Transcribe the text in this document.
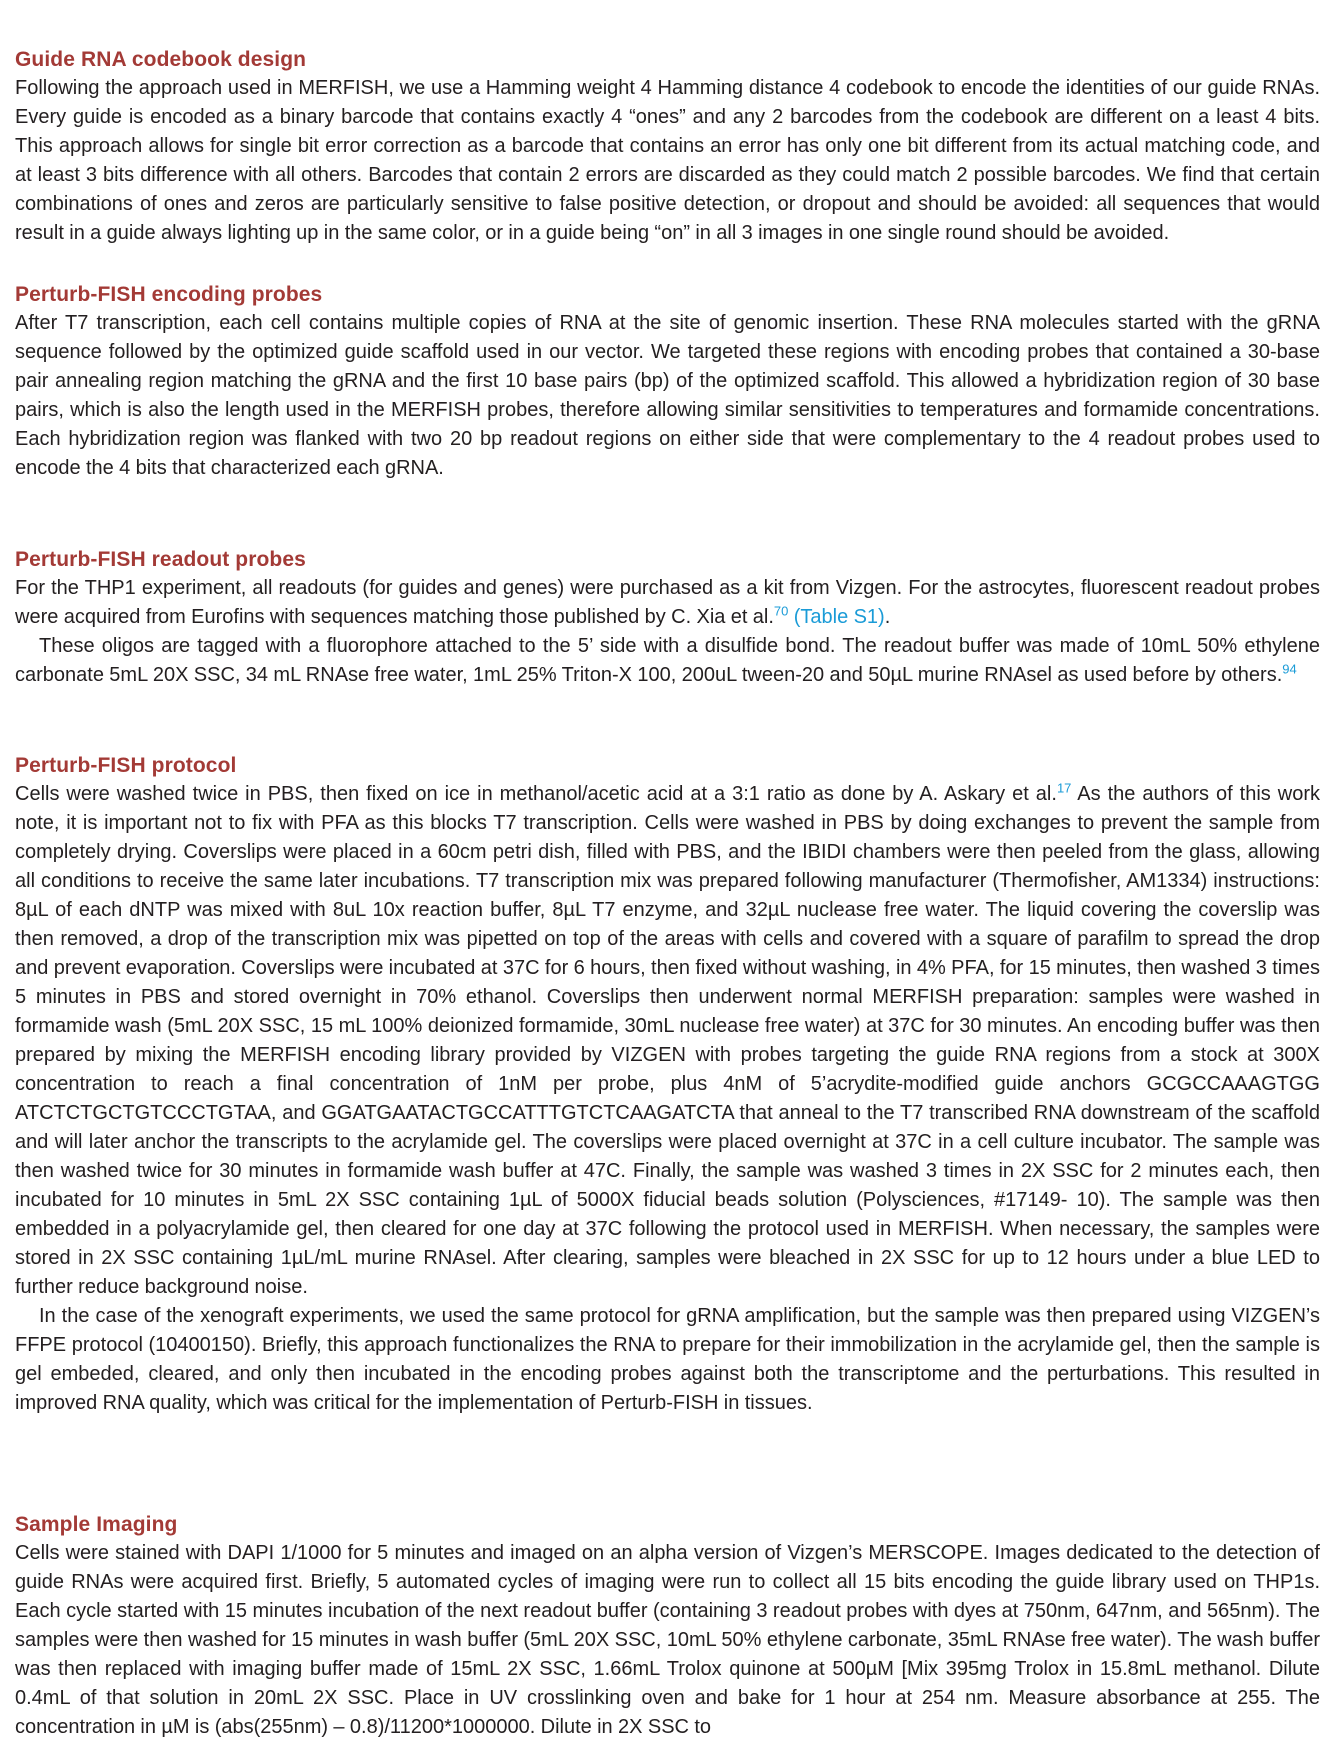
Guide RNA codebook design

Following the approach used in MERFISH, we use a Hamming weight 4 Hamming distance 4 codebook to encode the identities of our guide RNAs. Every guide is encoded as a binary barcode that contains exactly 4 “ones” and any 2 barcodes from the codebook are different on a least 4 bits. This approach allows for single bit error correction as a barcode that contains an error has only one bit different from its actual matching code, and at least 3 bits difference with all others. Barcodes that contain 2 errors are discarded as they could match 2 possible barcodes. We find that certain combinations of ones and zeros are particularly sensitive to false positive detection, or dropout and should be avoided: all sequences that would result in a guide always lighting up in the same color, or in a guide being “on” in all 3 images in one single round should be avoided.

Perturb-FISH encoding probes

After T7 transcription, each cell contains multiple copies of RNA at the site of genomic insertion. These RNA molecules started with the gRNA sequence followed by the optimized guide scaffold used in our vector. We targeted these regions with encoding probes that contained a 30-base pair annealing region matching the gRNA and the first 10 base pairs (bp) of the optimized scaffold. This allowed a hybridization region of 30 base pairs, which is also the length used in the MERFISH probes, therefore allowing similar sensitivities to temperatures and formamide concentrations. Each hybridization region was flanked with two 20 bp readout regions on either side that were complementary to the 4 readout probes used to encode the 4 bits that characterized each gRNA.

Perturb-FISH readout probes

For the THP1 experiment, all readouts (for guides and genes) were purchased as a kit from Vizgen. For the astrocytes, fluorescent readout probes were acquired from Eurofins with sequences matching those published by C. Xia et al.$^{70}$ (Table S1).

These oligos are tagged with a fluorophore attached to the 5’ side with a disulfide bond. The readout buffer was made of 10mL 50% ethylene carbonate 5mL 20X SSC, 34 mL RNAse free water, 1mL 25% Triton-X 100, 200uL tween-20 and 50µL murine RNAsel as used before by others.$^{94}$

Perturb-FISH protocol

Cells were washed twice in PBS, then fixed on ice in methanol/acetic acid at a 3:1 ratio as done by A. Askary et al.$^{17}$ As the authors of this work note, it is important not to fix with PFA as this blocks T7 transcription. Cells were washed in PBS by doing exchanges to prevent the sample from completely drying. Coverslips were placed in a 60cm petri dish, filled with PBS, and the IBIDI chambers were then peeled from the glass, allowing all conditions to receive the same later incubations. T7 transcription mix was prepared following manufacturer (Thermofisher, AM1334) instructions: 8µL of each dNTP was mixed with 8uL 10x reaction buffer, 8µL T7 enzyme, and 32µL nuclease free water. The liquid covering the coverslip was then removed, a drop of the transcription mix was pipetted on top of the areas with cells and covered with a square of parafilm to spread the drop and prevent evaporation. Coverslips were incubated at 37C for 6 hours, then fixed without washing, in 4% PFA, for 15 minutes, then washed 3 times 5 minutes in PBS and stored overnight in 70% ethanol. Coverslips then underwent normal MERFISH preparation: samples were washed in formamide wash (5mL 20X SSC, 15 mL 100% deionized formamide, 30mL nuclease free water) at 37C for 30 minutes. An encoding buffer was then prepared by mixing the MERFISH encoding library provided by VIZGEN with probes targeting the guide RNA regions from a stock at 300X concentration to reach a final concentration of 1nM per probe, plus 4nM of 5’acrydite-modified guide anchors GCGCCAAAGTGG ATCTCTGCTGTCCCTGTAA, and GGATGAATACTGCCATTTGTCTCAAGATCTA that anneal to the T7 transcribed RNA downstream of the scaffold and will later anchor the transcripts to the acrylamide gel. The coverslips were placed overnight at 37C in a cell culture incubator. The sample was then washed twice for 30 minutes in formamide wash buffer at 47C. Finally, the sample was washed 3 times in 2X SSC for 2 minutes each, then incubated for 10 minutes in 5mL 2X SSC containing 1µL of 5000X fiducial beads solution (Polysciences, #17149- 10). The sample was then embedded in a polyacrylamide gel, then cleared for one day at 37C following the protocol used in MERFISH. When necessary, the samples were stored in 2X SSC containing 1µL/mL murine RNAsel. After clearing, samples were bleached in 2X SSC for up to 12 hours under a blue LED to further reduce background noise.

In the case of the xenograft experiments, we used the same protocol for gRNA amplification, but the sample was then prepared using VIZGEN’s FFPE protocol (10400150). Briefly, this approach functionalizes the RNA to prepare for their immobilization in the acrylamide gel, then the sample is gel embeded, cleared, and only then incubated in the encoding probes against both the transcriptome and the perturbations. This resulted in improved RNA quality, which was critical for the implementation of Perturb-FISH in tissues.

Sample Imaging

Cells were stained with DAPI 1/1000 for 5 minutes and imaged on an alpha version of Vizgen’s MERSCOPE. Images dedicated to the detection of guide RNAs were acquired first. Briefly, 5 automated cycles of imaging were run to collect all 15 bits encoding the guide library used on THP1s. Each cycle started with 15 minutes incubation of the next readout buffer (containing 3 readout probes with dyes at 750nm, 647nm, and 565nm). The samples were then washed for 15 minutes in wash buffer (5mL 20X SSC, 10mL 50% ethylene carbonate, 35mL RNAse free water). The wash buffer was then replaced with imaging buffer made of 15mL 2X SSC, 1.66mL Trolox quinone at 500µM [Mix 395mg Trolox in 15.8mL methanol. Dilute 0.4mL of that solution in 20mL 2X SSC. Place in UV crosslinking oven and bake for 1 hour at 254 nm. Measure absorbance at 255. The concentration in µM is (abs(255nm) – 0.8)/11200*1000000. Dilute in 2X SSC to
